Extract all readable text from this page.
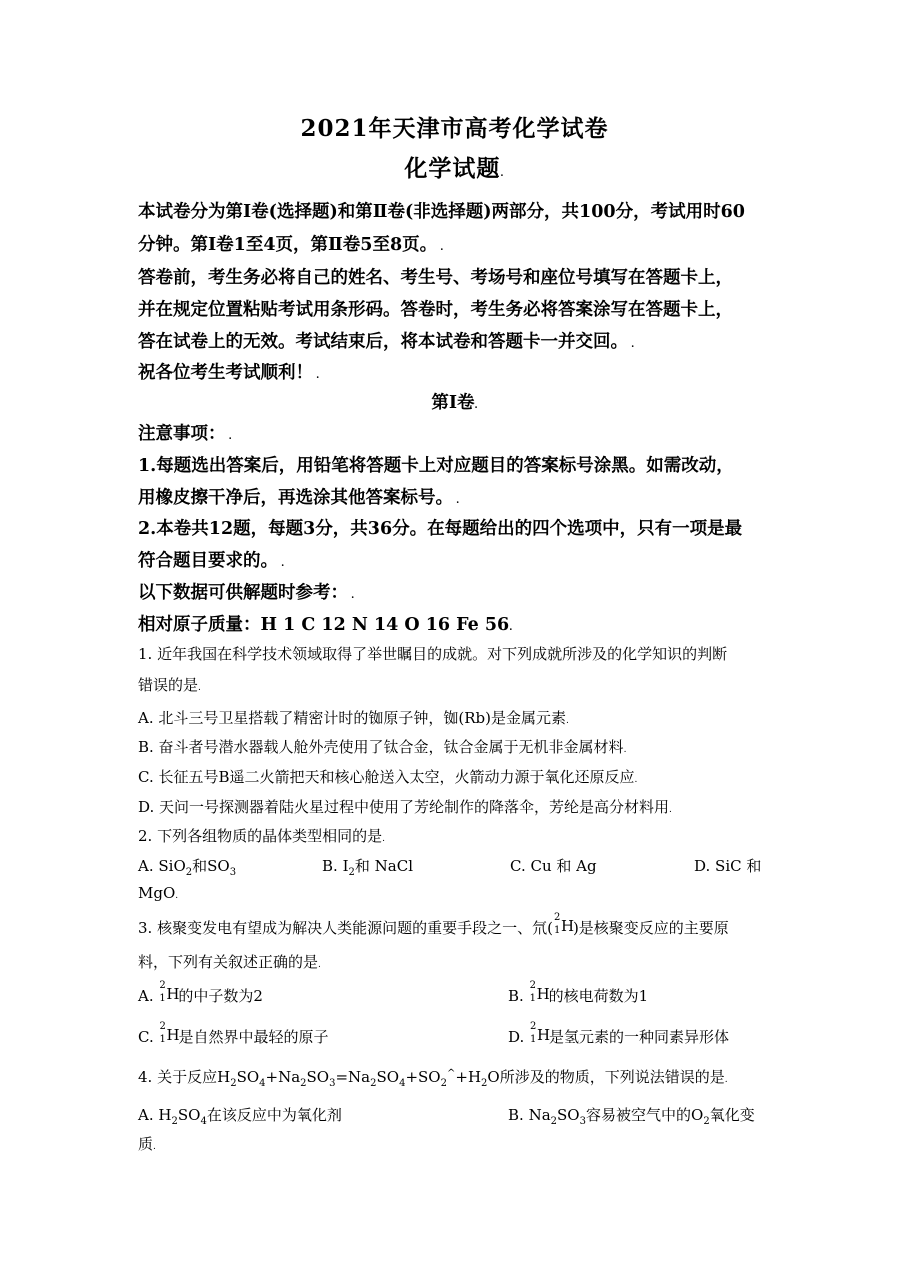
2021年天津市高考化学试卷
化学试题.
本试卷分为第Ⅰ卷(选择题)和第Ⅱ卷(非选择题)两部分，共100分，考试用时60
分钟。第Ⅰ卷1至4页，第Ⅱ卷5至8页。 .
答卷前，考生务必将自己的姓名、考生号、考场号和座位号填写在答题卡上，
并在规定位置粘贴考试用条形码。答卷时，考生务必将答案涂写在答题卡上，
答在试卷上的无效。考试结束后，将本试卷和答题卡一并交回。 .
祝各位考生考试顺利！ .
第Ⅰ卷.
注意事项： .
1.每题选出答案后，用铅笔将答题卡上对应题目的答案标号涂黑。如需改动，
用橡皮擦干净后，再选涂其他答案标号。 .
2.本卷共12题，每题3分，共36分。在每题给出的四个选项中，只有一项是最
符合题目要求的。 .
以下数据可供解题时参考： .
相对原子质量：H 1 C 12 N 14 O 16 Fe 56.
1. 近年我国在科学技术领域取得了举世瞩目的成就。对下列成就所涉及的化学知识的判断
错误的是.
A. 北斗三号卫星搭载了精密计时的铷原子钟，铷(Rb)是金属元素.
B. 奋斗者号潜水器载人舱外壳使用了钛合金，钛合金属于无机非金属材料.
C. 长征五号B遥二火箭把天和核心舱送入太空，火箭动力源于氧化还原反应.
D. 天问一号探测器着陆火星过程中使用了芳纶制作的降落伞，芳纶是高分材料用.
2. 下列各组物质的晶体类型相同的是.
A. SiO$_2$和$SO_3$	B. $I_2$和 NaCl	C. Cu 和 Ag	D. SiC 和
MgO.
3. 核聚变发电有望成为解决人类能源问题的重要手段之一、氘(
2
1 H
)是核聚变反应的主要原
料，下列有关叙述正确的是.
A.
2
1 H
的中子数为2	B.
2
1 H
的核电荷数为1
C.
2
1 H
是自然界中最轻的原子	D.
2
1 H
是氢元素的一种同素异形体
4. 关于反应$H_2SO_4+Na_2SO_3=Na_2SO_4+SO_2^{\^{}}+H_2O$所涉及的物质，下列说法错误的是.
A. $H_2SO_4$在该反应中为氧化剂	B. $Na_2SO_3$容易被空气中的$O_2$氧化变
质.
